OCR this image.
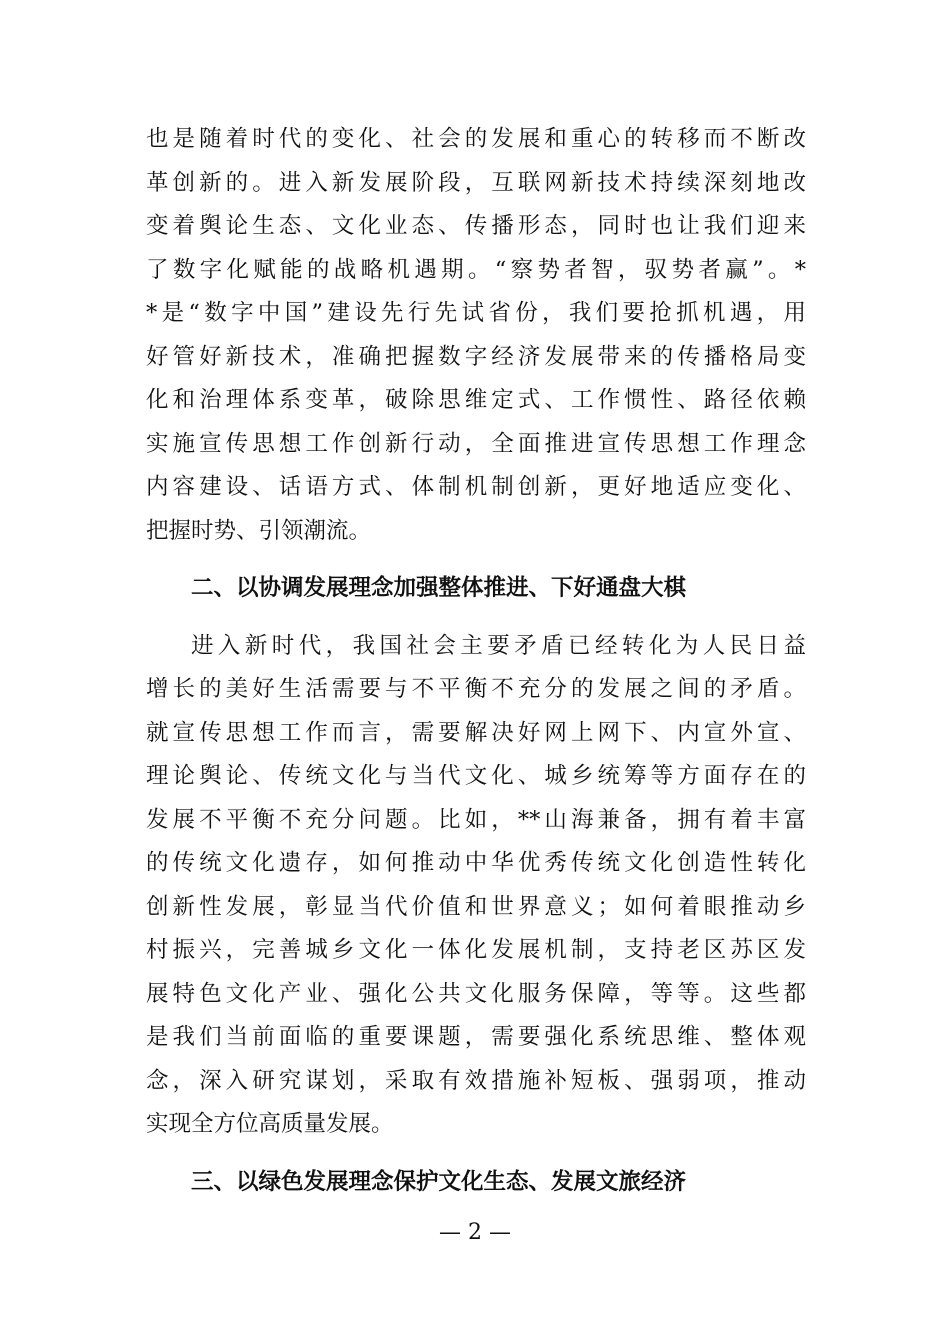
也是随着时代的变化、社会的发展和重心的转移而不断改
革创新的。进入新发展阶段，互联网新技术持续深刻地改
变着舆论生态、文化业态、传播形态，同时也让我们迎来
了数字化赋能的战略机遇期。“察势者智，驭势者赢”。*
*是“数字中国”建设先行先试省份，我们要抢抓机遇，用
好管好新技术，准确把握数字经济发展带来的传播格局变
化和治理体系变革，破除思维定式、工作惯性、路径依赖
实施宣传思想工作创新行动，全面推进宣传思想工作理念
内容建设、话语方式、体制机制创新，更好地适应变化、
把握时势、引领潮流。
二、以协调发展理念加强整体推进、下好通盘大棋
进入新时代，我国社会主要矛盾已经转化为人民日益
增长的美好生活需要与不平衡不充分的发展之间的矛盾。
就宣传思想工作而言，需要解决好网上网下、内宣外宣、
理论舆论、传统文化与当代文化、城乡统筹等方面存在的
发展不平衡不充分问题。比如，**山海兼备，拥有着丰富
的传统文化遗存，如何推动中华优秀传统文化创造性转化
创新性发展，彰显当代价值和世界意义；如何着眼推动乡
村振兴，完善城乡文化一体化发展机制，支持老区苏区发
展特色文化产业、强化公共文化服务保障，等等。这些都
是我们当前面临的重要课题，需要强化系统思维、整体观
念，深入研究谋划，采取有效措施补短板、强弱项，推动
实现全方位高质量发展。
三、以绿色发展理念保护文化生态、发展文旅经济
— 2 —
